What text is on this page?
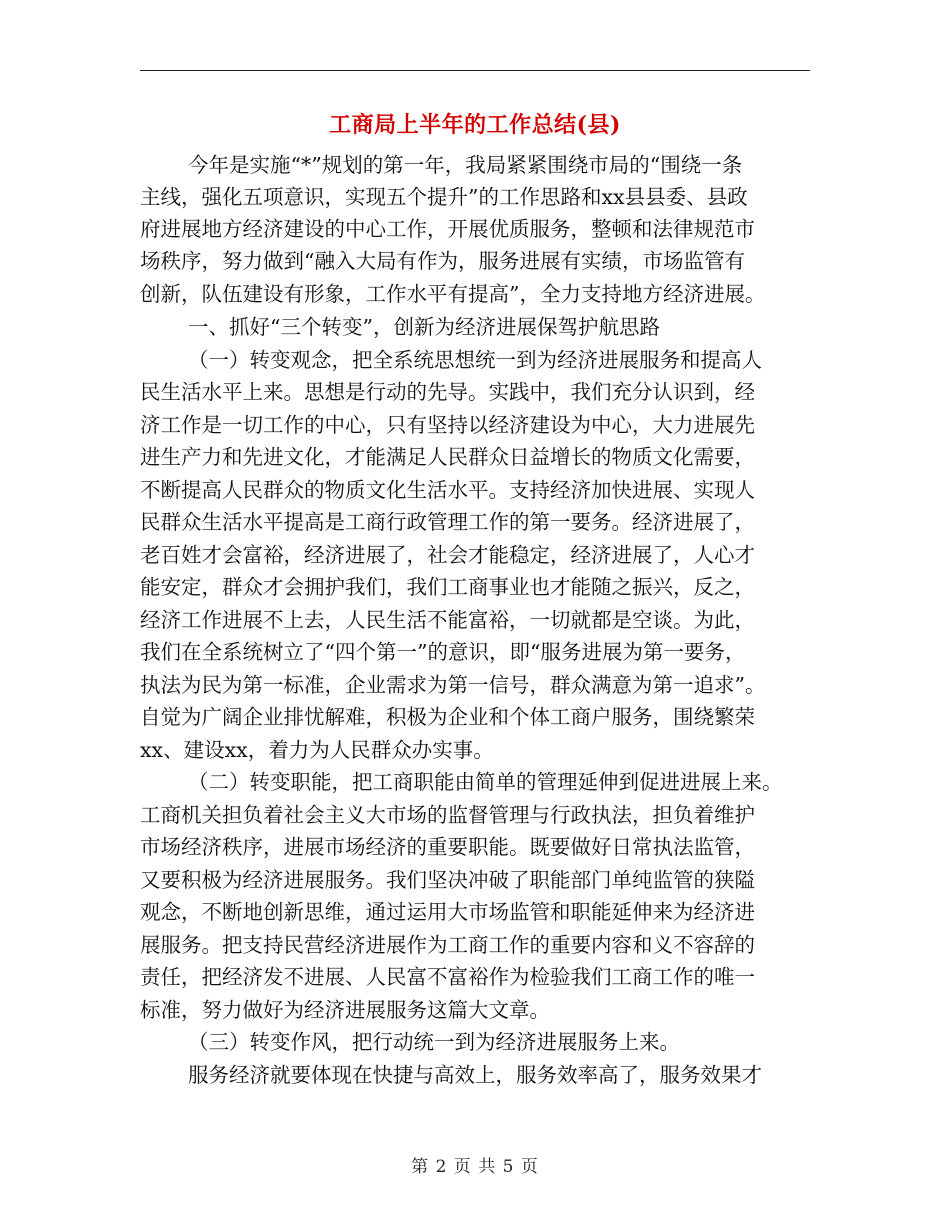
工商局上半年的工作总结(县)
今年是实施“*”规划的第一年，我局紧紧围绕市局的“围绕一条
主线，强化五项意识，实现五个提升”的工作思路和xx县县委、县政
府进展地方经济建设的中心工作，开展优质服务，整顿和法律规范市
场秩序，努力做到“融入大局有作为，服务进展有实绩，市场监管有
创新，队伍建设有形象，工作水平有提高”，全力支持地方经济进展。
一、抓好“三个转变”，创新为经济进展保驾护航思路
（一）转变观念，把全系统思想统一到为经济进展服务和提高人
民生活水平上来。思想是行动的先导。实践中，我们充分认识到，经
济工作是一切工作的中心，只有坚持以经济建设为中心，大力进展先
进生产力和先进文化，才能满足人民群众日益增长的物质文化需要，
不断提高人民群众的物质文化生活水平。支持经济加快进展、实现人
民群众生活水平提高是工商行政管理工作的第一要务。经济进展了，
老百姓才会富裕，经济进展了，社会才能稳定，经济进展了，人心才
能安定，群众才会拥护我们，我们工商事业也才能随之振兴，反之，
经济工作进展不上去，人民生活不能富裕，一切就都是空谈。为此，
我们在全系统树立了“四个第一”的意识，即“服务进展为第一要务，
执法为民为第一标准，企业需求为第一信号，群众满意为第一追求”。
自觉为广阔企业排忧解难，积极为企业和个体工商户服务，围绕繁荣
xx、建设xx，着力为人民群众办实事。
（二）转变职能，把工商职能由简单的管理延伸到促进进展上来。
工商机关担负着社会主义大市场的监督管理与行政执法，担负着维护
市场经济秩序，进展市场经济的重要职能。既要做好日常执法监管，
又要积极为经济进展服务。我们坚决冲破了职能部门单纯监管的狭隘
观念，不断地创新思维，通过运用大市场监管和职能延伸来为经济进
展服务。把支持民营经济进展作为工商工作的重要内容和义不容辞的
责任，把经济发不进展、人民富不富裕作为检验我们工商工作的唯一
标准，努力做好为经济进展服务这篇大文章。
（三）转变作风，把行动统一到为经济进展服务上来。
服务经济就要体现在快捷与高效上，服务效率高了，服务效果才
第 2 页 共 5 页
